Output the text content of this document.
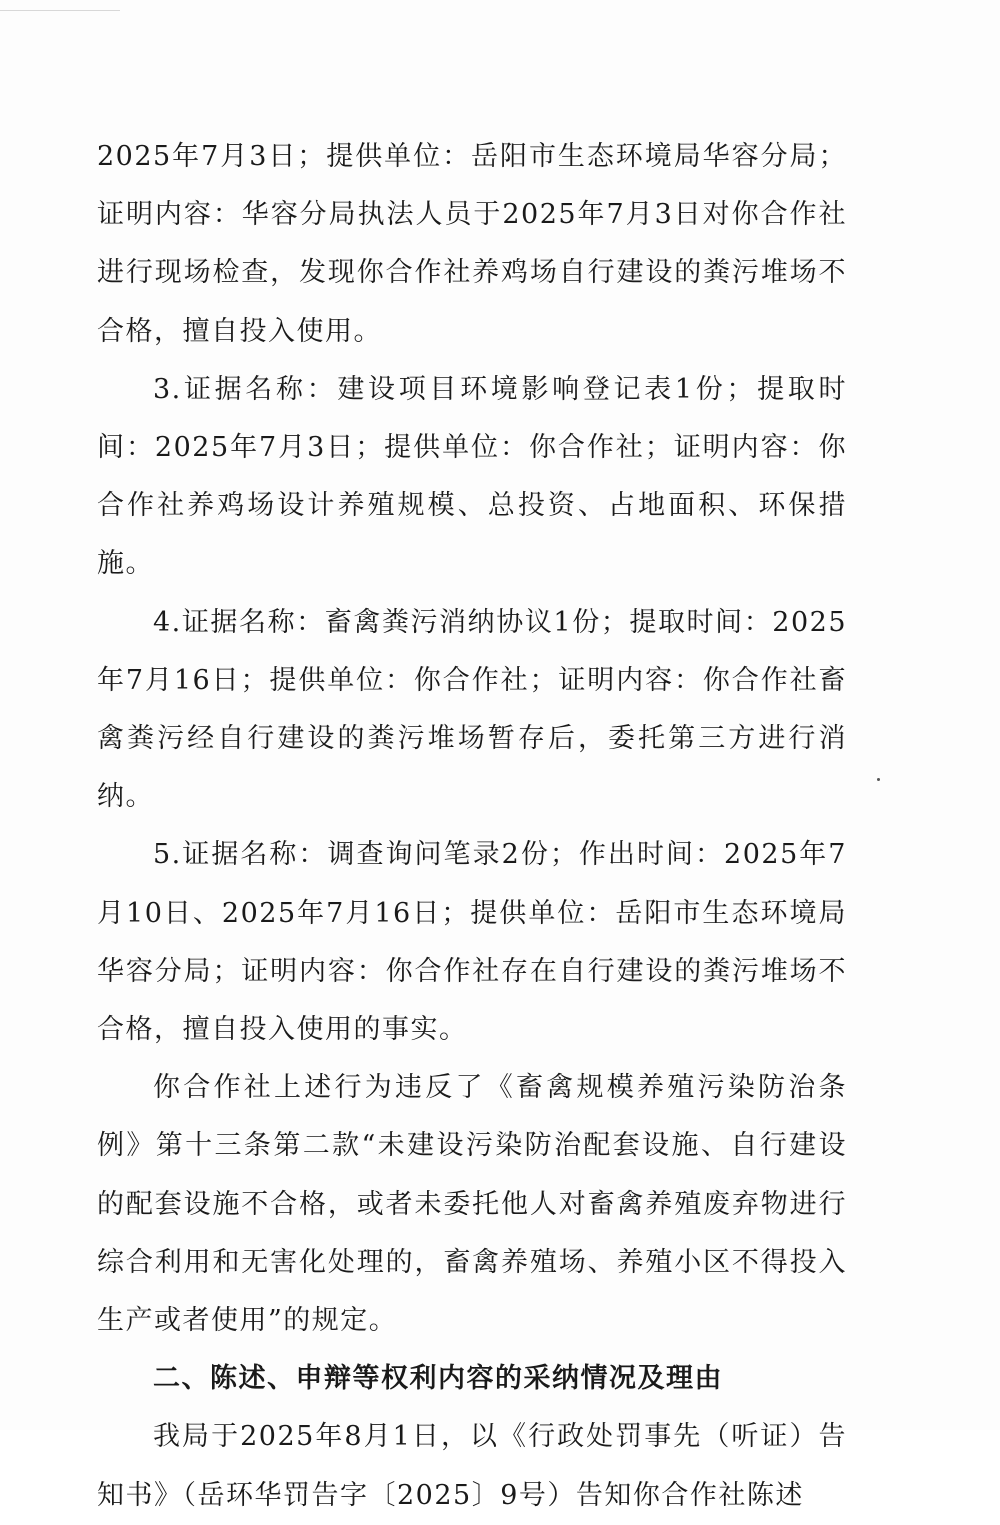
2025年7月3日；提供单位：岳阳市生态环境局华容分局；证明内容：华容分局执法人员于2025年7月3日对你合作社进行现场检查，发现你合作社养鸡场自行建设的粪污堆场不合格，擅自投入使用。

3.证据名称：建设项目环境影响登记表1份；提取时间：2025年7月3日；提供单位：你合作社；证明内容：你合作社养鸡场设计养殖规模、总投资、占地面积、环保措施。

4.证据名称：畜禽粪污消纳协议1份；提取时间：2025年7月16日；提供单位：你合作社；证明内容：你合作社畜禽粪污经自行建设的粪污堆场暂存后，委托第三方进行消纳。

5.证据名称：调查询问笔录2份；作出时间：2025年7月10日、2025年7月16日；提供单位：岳阳市生态环境局华容分局；证明内容：你合作社存在自行建设的粪污堆场不合格，擅自投入使用的事实。

你合作社上述行为违反了《畜禽规模养殖污染防治条例》第十三条第二款“未建设污染防治配套设施、自行建设的配套设施不合格，或者未委托他人对畜禽养殖废弃物进行综合利用和无害化处理的，畜禽养殖场、养殖小区不得投入生产或者使用”的规定。

二、陈述、申辩等权利内容的采纳情况及理由

我局于2025年8月1日，以《行政处罚事先（听证）告知书》（岳环华罚告字〔2025〕9号）告知你合作社陈述
